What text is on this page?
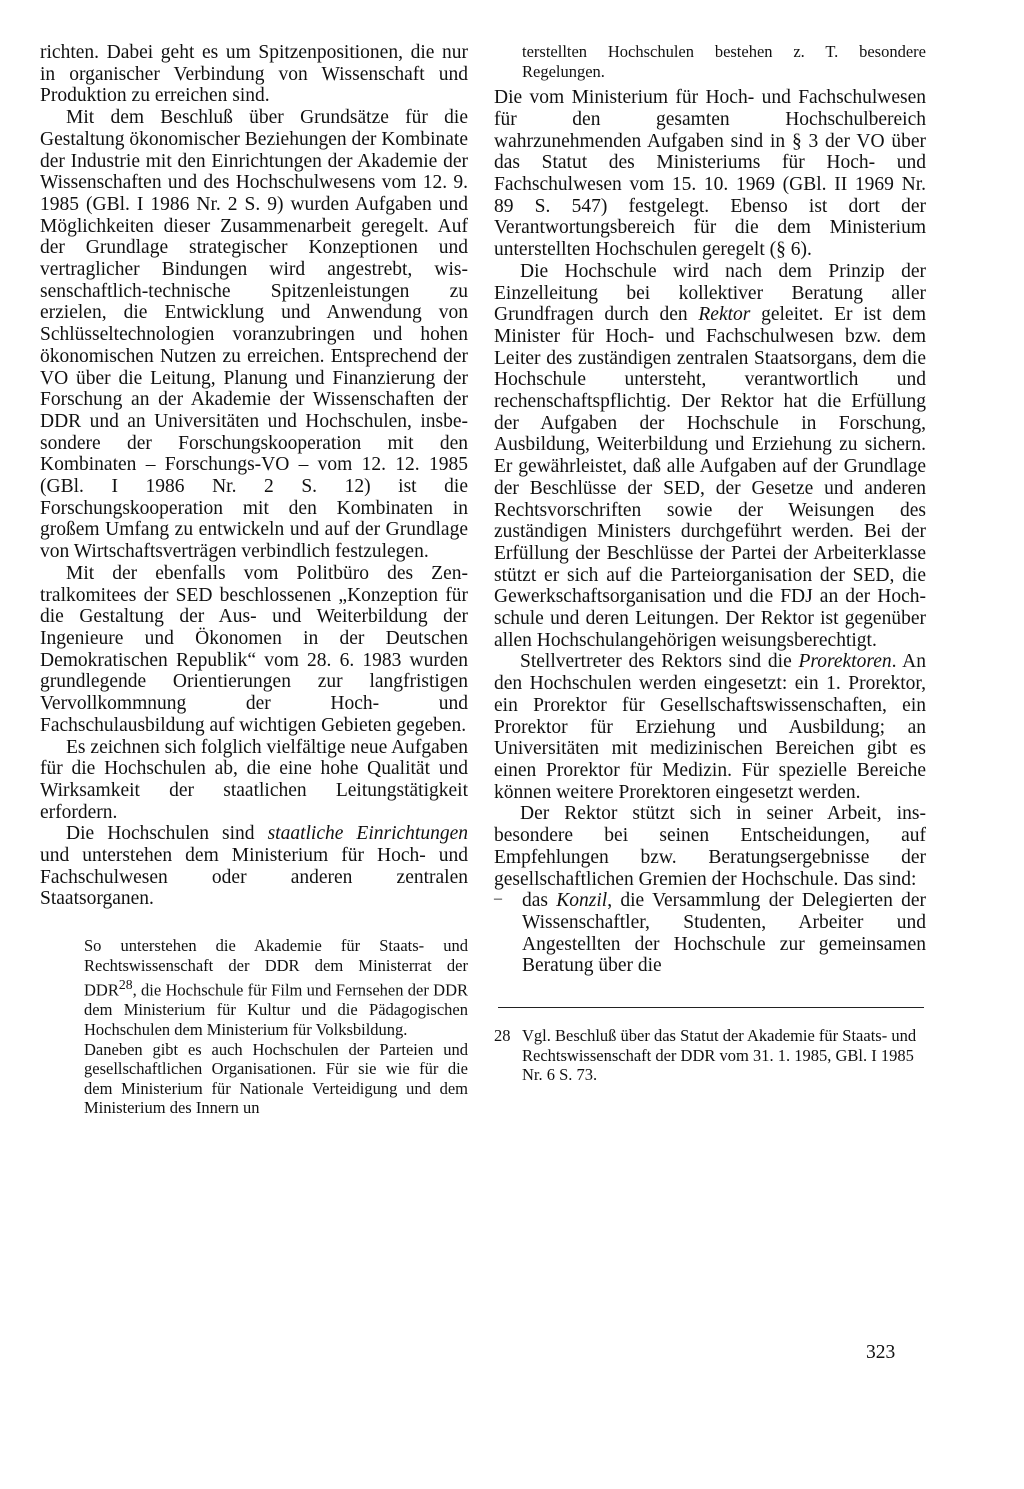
richten. Dabei geht es um Spitzenpositionen, die nur in organischer Verbindung von Wissenschaft und Produktion zu erreichen sind.

Mit dem Beschluß über Grundsätze für die Gestaltung ökonomischer Beziehungen der Kombinate der Industrie mit den Einrichtungen der Akademie der Wissenschaften und des Hochschulwesens vom 12. 9. 1985 (GBl. I 1986 Nr. 2 S. 9) wurden Aufgaben und Möglichkeiten dieser Zusammenarbeit geregelt. Auf der Grundlage strategischer Konzeptionen und vertraglicher Bindungen wird angestrebt, wissenschaftlich-technische Spitzenleistungen zu erzielen, die Entwicklung und Anwendung von Schlüsseltechnologien voranzubringen und hohen ökonomischen Nutzen zu erreichen. Entsprechend der VO über die Leitung, Planung und Finanzierung der Forschung an der Akademie der Wissenschaften der DDR und an Universitäten und Hochschulen, insbesondere der Forschungskooperation mit den Kombinaten – Forschungs-VO – vom 12. 12. 1985 (GBl. I 1986 Nr. 2 S. 12) ist die Forschungskooperation mit den Kombinaten in großem Umfang zu entwickeln und auf der Grundlage von Wirtschaftsverträgen verbindlich festzulegen.

Mit der ebenfalls vom Politbüro des Zentralkomitees der SED beschlossenen „Konzeption für die Gestaltung der Aus- und Weiterbildung der Ingenieure und Ökonomen in der Deutschen Demokratischen Republik“ vom 28. 6. 1983 wurden grundlegende Orientierungen zur langfristigen Vervollkommnung der Hoch- und Fachschulausbildung auf wichtigen Gebieten gegeben.

Es zeichnen sich folglich vielfältige neue Aufgaben für die Hochschulen ab, die eine hohe Qualität und Wirksamkeit der staatlichen Leitungstätigkeit erfordern.

Die Hochschulen sind staatliche Einrichtungen und unterstehen dem Ministerium für Hoch- und Fachschulwesen oder anderen zentralen Staatsorganen.

So unterstehen die Akademie für Staats- und Rechtswissenschaft der DDR dem Ministerrat der DDR$^{28}$, die Hochschule für Film und Fernsehen der DDR dem Ministerium für Kultur und die Pädagogischen Hochschulen dem Ministerium für Volksbildung.

Daneben gibt es auch Hochschulen der Parteien und gesellschaftlichen Organisationen. Für sie wie für die dem Ministerium für Nationale Verteidigung und dem Ministerium des Innern un

terstellten Hochschulen bestehen z. T. besondere Regelungen.

Die vom Ministerium für Hoch- und Fachschulwesen für den gesamten Hochschulbereich wahrzunehmenden Aufgaben sind in § 3 der VO über das Statut des Ministeriums für Hoch- und Fachschulwesen vom 15. 10. 1969 (GBl. II 1969 Nr. 89 S. 547) festgelegt. Ebenso ist dort der Verantwortungsbereich für die dem Ministerium unterstellten Hochschulen geregelt (§ 6).

Die Hochschule wird nach dem Prinzip der Einzelleitung bei kollektiver Beratung aller Grundfragen durch den Rektor geleitet. Er ist dem Minister für Hoch- und Fachschulwesen bzw. dem Leiter des zuständigen zentralen Staatsorgans, dem die Hochschule untersteht, verantwortlich und rechenschaftspflichtig. Der Rektor hat die Erfüllung der Aufgaben der Hochschule in Forschung, Ausbildung, Weiterbildung und Erziehung zu sichern. Er gewährleistet, daß alle Aufgaben auf der Grundlage der Beschlüsse der SED, der Gesetze und anderen Rechtsvorschriften sowie der Weisungen des zuständigen Ministers durchgeführt werden. Bei der Erfüllung der Beschlüsse der Partei der Arbeiterklasse stützt er sich auf die Parteiorganisation der SED, die Gewerkschaftsorganisation und die FDJ an der Hochschule und deren Leitungen. Der Rektor ist gegenüber allen Hochschulangehörigen weisungsberechtigt.

Stellvertreter des Rektors sind die Prorektoren. An den Hochschulen werden eingesetzt: ein 1. Prorektor, ein Prorektor für Gesellschaftswissenschaften, ein Prorektor für Erziehung und Ausbildung; an Universitäten mit medizinischen Bereichen gibt es einen Prorektor für Medizin. Für spezielle Bereiche können weitere Prorektoren eingesetzt werden.

Der Rektor stützt sich in seiner Arbeit, insbesondere bei seinen Entscheidungen, auf Empfehlungen bzw. Beratungsergebnisse der gesellschaftlichen Gremien der Hochschule. Das sind:

–	das Konzil, die Versammlung der Delegierten der Wissenschaftler, Studenten, Arbeiter und Angestellten der Hochschule zur gemeinsamen Beratung über die

28 Vgl. Beschluß über das Statut der Akademie für Staats- und Rechtswissenschaft der DDR vom 31. 1. 1985, GBl. I 1985 Nr. 6 S. 73.

323
